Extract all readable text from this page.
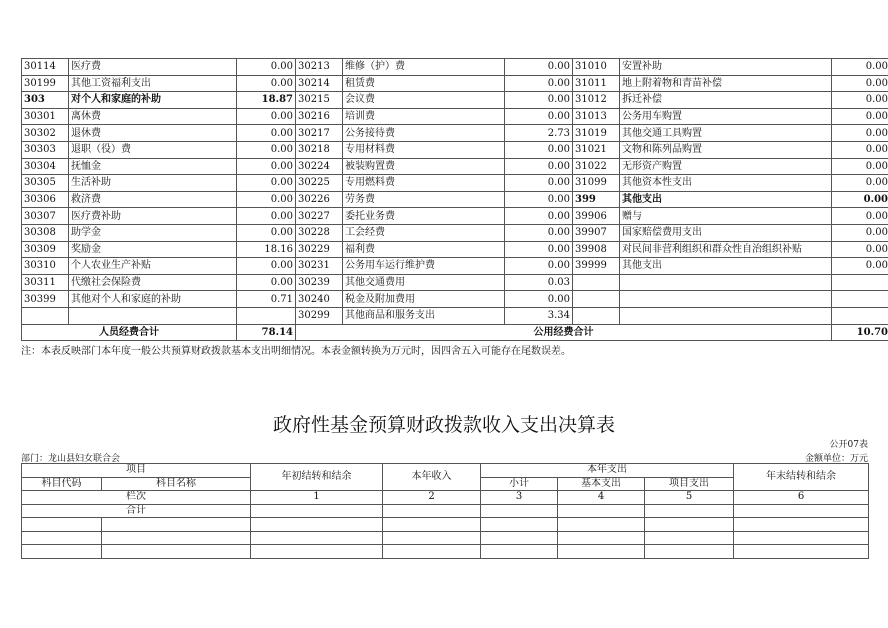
30114	医疗费	0.00	30213	维修（护）费	0.00	31010	安置补助	0.00
30199	其他工资福利支出	0.00	30214	租赁费	0.00	31011	地上附着物和青苗补偿	0.00
303	对个人和家庭的补助	18.87	30215	会议费	0.00	31012	拆迁补偿	0.00
30301	离休费	0.00	30216	培训费	0.00	31013	公务用车购置	0.00
30302	退休费	0.00	30217	公务接待费	2.73	31019	其他交通工具购置	0.00
30303	退职（役）费	0.00	30218	专用材料费	0.00	31021	文物和陈列品购置	0.00
30304	抚恤金	0.00	30224	被装购置费	0.00	31022	无形资产购置	0.00
30305	生活补助	0.00	30225	专用燃料费	0.00	31099	其他资本性支出	0.00
30306	救济费	0.00	30226	劳务费	0.00	399	其他支出	0.00
30307	医疗费补助	0.00	30227	委托业务费	0.00	39906	赠与	0.00
30308	助学金	0.00	30228	工会经费	0.00	39907	国家赔偿费用支出	0.00
30309	奖励金	18.16	30229	福利费	0.00	39908	对民间非营利组织和群众性自治组织补贴	0.00
30310	个人农业生产补贴	0.00	30231	公务用车运行维护费	0.00	39999	其他支出	0.00
30311	代缴社会保险费	0.00	30239	其他交通费用	0.03			
30399	其他对个人和家庭的补助	0.71	30240	税金及附加费用	0.00			
			30299	其他商品和服务支出	3.34			
人员经费合计		78.14	公用经费合计					10.70
注：本表反映部门本年度一般公共预算财政拨款基本支出明细情况。本表金额转换为万元时，因四舍五入可能存在尾数误差。
政府性基金预算财政拨款收入支出决算表
公开07表
部门：龙山县妇女联合会	金额单位：万元
项目		年初结转和结余	本年收入	本年支出			年末结转和结余
科目代码	科目名称			小计	基本支出	项目支出	
栏次		1	2	3	4	5	6
合计							
